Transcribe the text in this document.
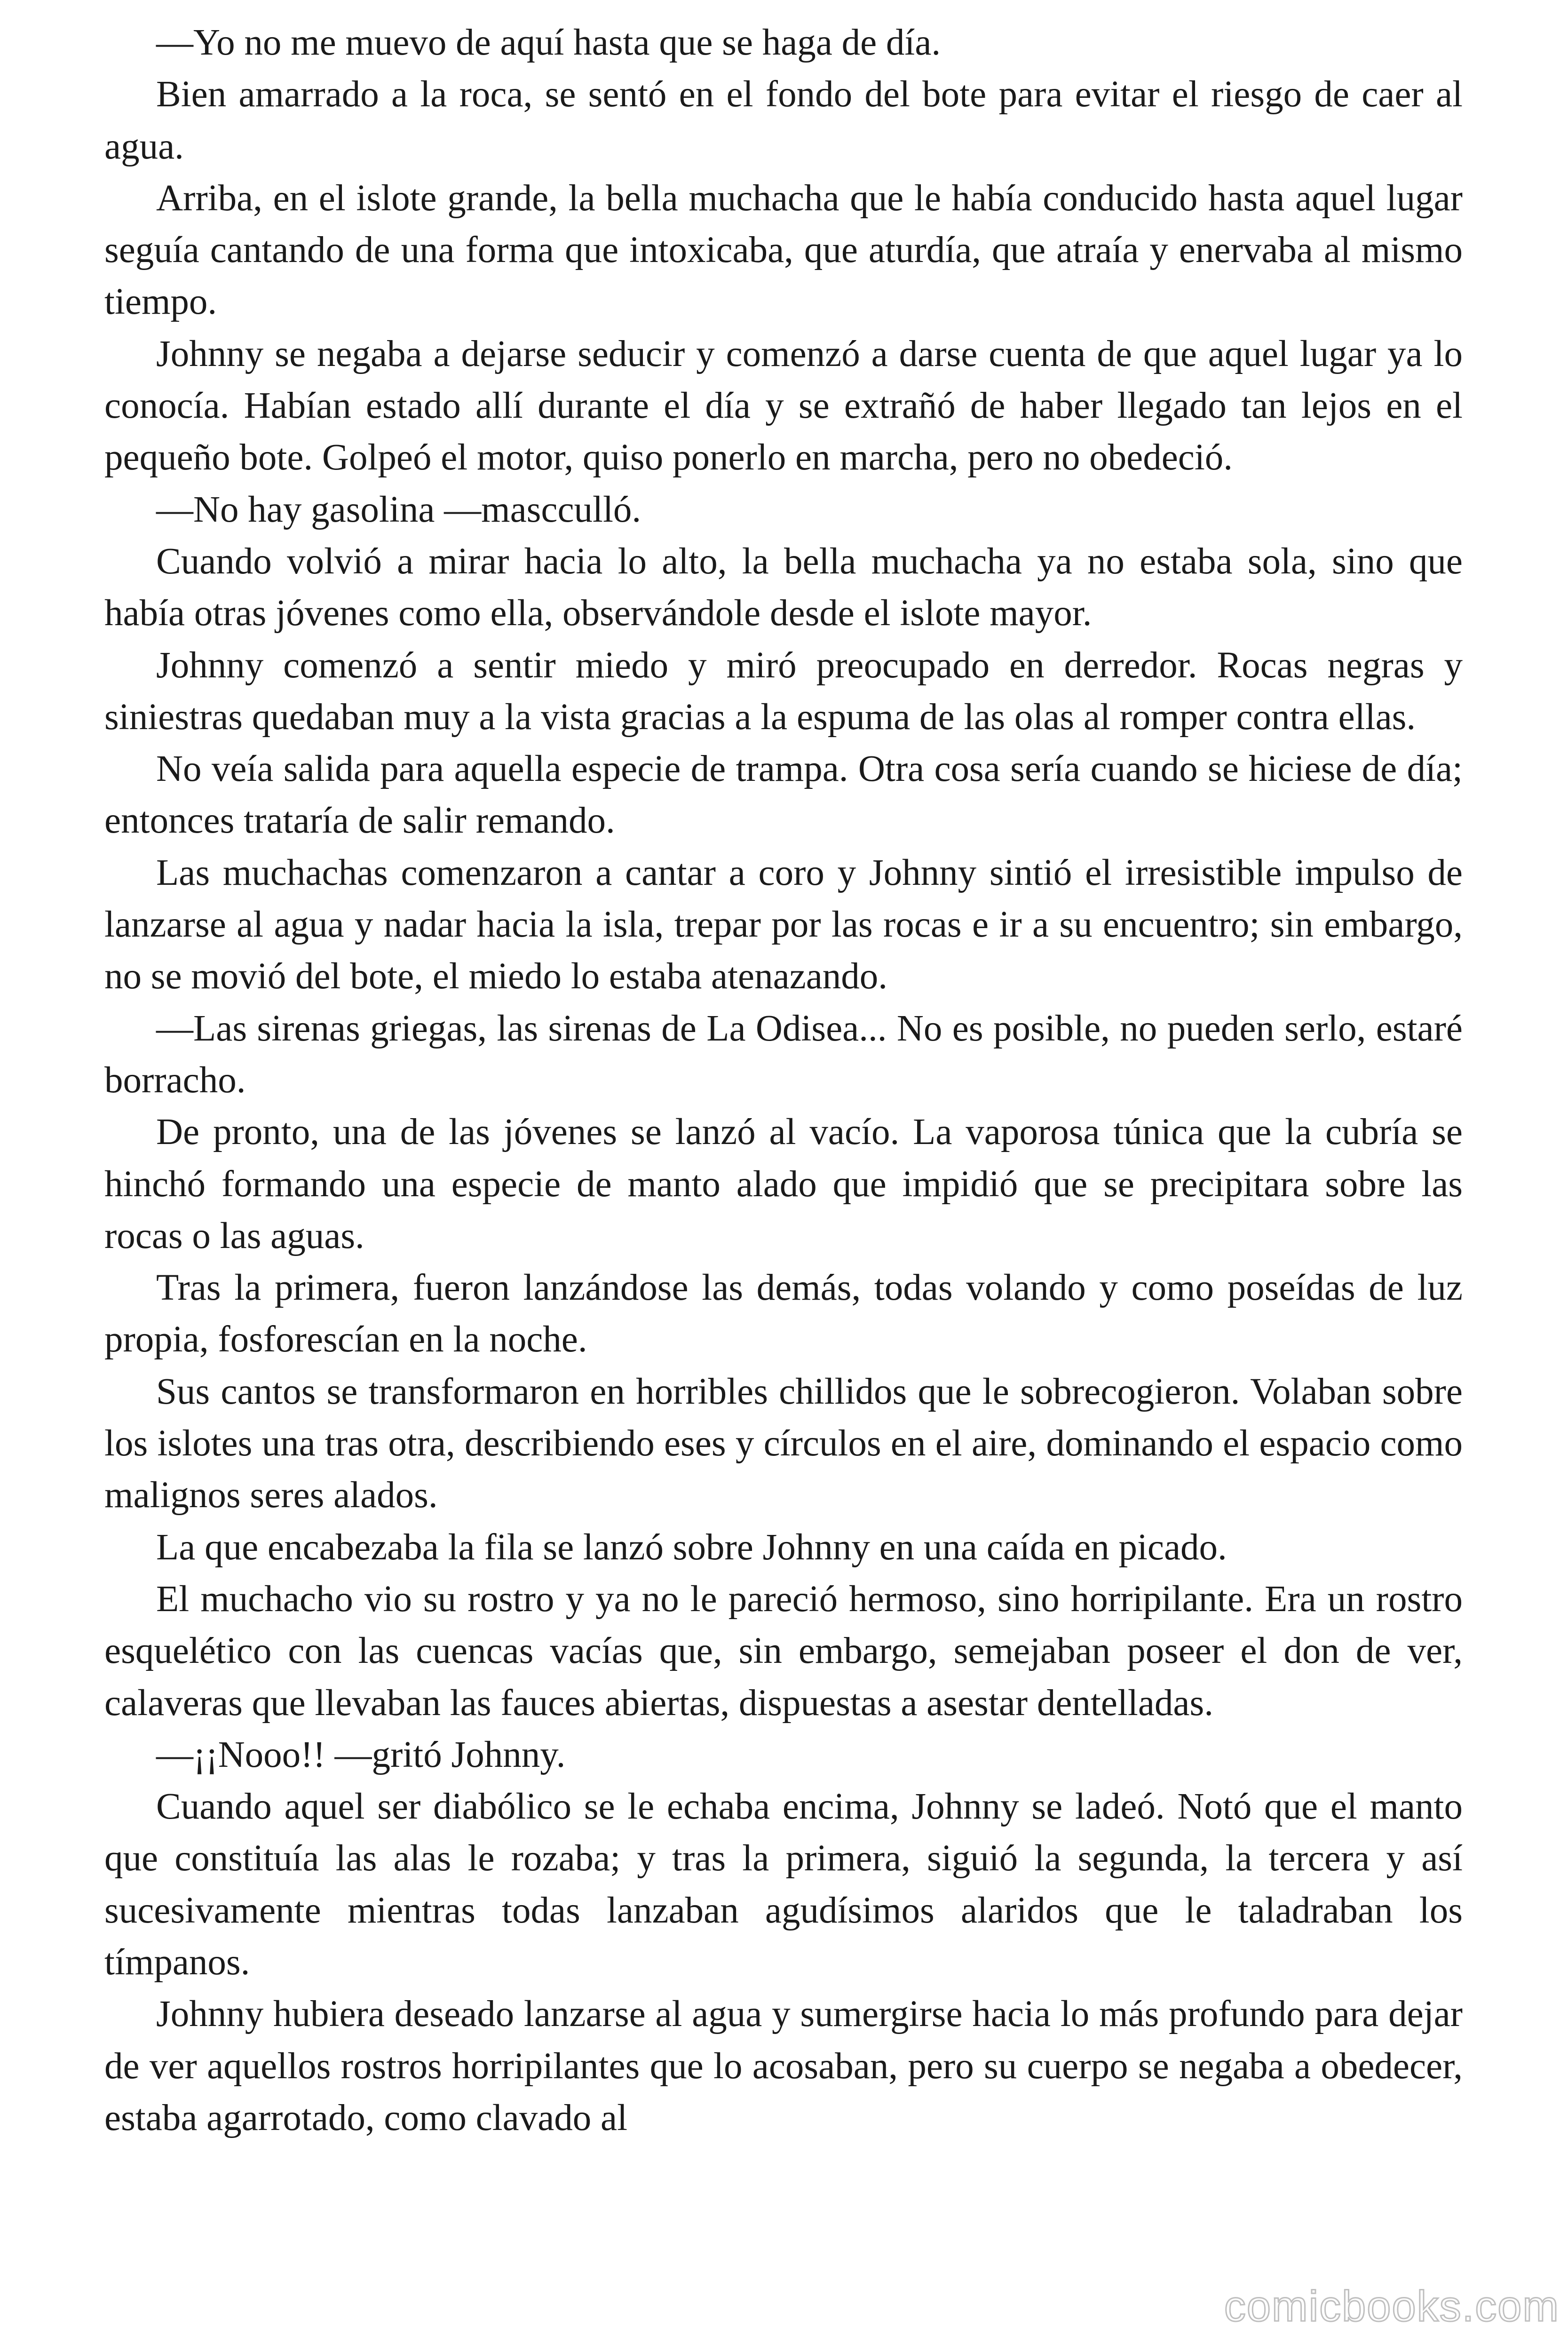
—Yo no me muevo de aquí hasta que se haga de día.

Bien amarrado a la roca, se sentó en el fondo del bote para evitar el riesgo de caer al agua.

Arriba, en el islote grande, la bella muchacha que le había conducido hasta aquel lugar seguía cantando de una forma que intoxicaba, que aturdía, que atraía y enervaba al mismo tiempo.

Johnny se negaba a dejarse seducir y comenzó a darse cuenta de que aquel lugar ya lo conocía. Habían estado allí durante el día y se extrañó de haber llegado tan lejos en el pequeño bote. Golpeó el motor, quiso ponerlo en marcha, pero no obedeció.

—No hay gasolina —mascculló.

Cuando volvió a mirar hacia lo alto, la bella muchacha ya no estaba sola, sino que había otras jóvenes como ella, observándole desde el islote mayor.

Johnny comenzó a sentir miedo y miró preocupado en derredor. Rocas negras y siniestras quedaban muy a la vista gracias a la espuma de las olas al romper contra ellas.

No veía salida para aquella especie de trampa. Otra cosa sería cuando se hiciese de día; entonces trataría de salir remando.

Las muchachas comenzaron a cantar a coro y Johnny sintió el irresistible impulso de lanzarse al agua y nadar hacia la isla, trepar por las rocas e ir a su encuentro; sin embargo, no se movió del bote, el miedo lo estaba atenazando.

—Las sirenas griegas, las sirenas de La Odisea... No es posible, no pueden serlo, estaré borracho.

De pronto, una de las jóvenes se lanzó al vacío. La vaporosa túnica que la cubría se hinchó formando una especie de manto alado que impidió que se precipitara sobre las rocas o las aguas.

Tras la primera, fueron lanzándose las demás, todas volando y como poseídas de luz propia, fosforescían en la noche.

Sus cantos se transformaron en horribles chillidos que le sobrecogieron. Volaban sobre los islotes una tras otra, describiendo eses y círculos en el aire, dominando el espacio como malignos seres alados.

La que encabezaba la fila se lanzó sobre Johnny en una caída en picado.

El muchacho vio su rostro y ya no le pareció hermoso, sino horripilante. Era un rostro esquelético con las cuencas vacías que, sin embargo, semejaban poseer el don de ver, calaveras que llevaban las fauces abiertas, dispuestas a asestar dentelladas.

—¡¡Nooo!! —gritó Johnny.

Cuando aquel ser diabólico se le echaba encima, Johnny se ladeó. Notó que el manto que constituía las alas le rozaba; y tras la primera, siguió la segunda, la tercera y así sucesivamente mientras todas lanzaban agudísimos alaridos que le taladraban los tímpanos.

Johnny hubiera deseado lanzarse al agua y sumergirse hacia lo más profundo para dejar de ver aquellos rostros horripilantes que lo acosaban, pero su cuerpo se negaba a obedecer, estaba agarrotado, como clavado al

comicbooks.com
